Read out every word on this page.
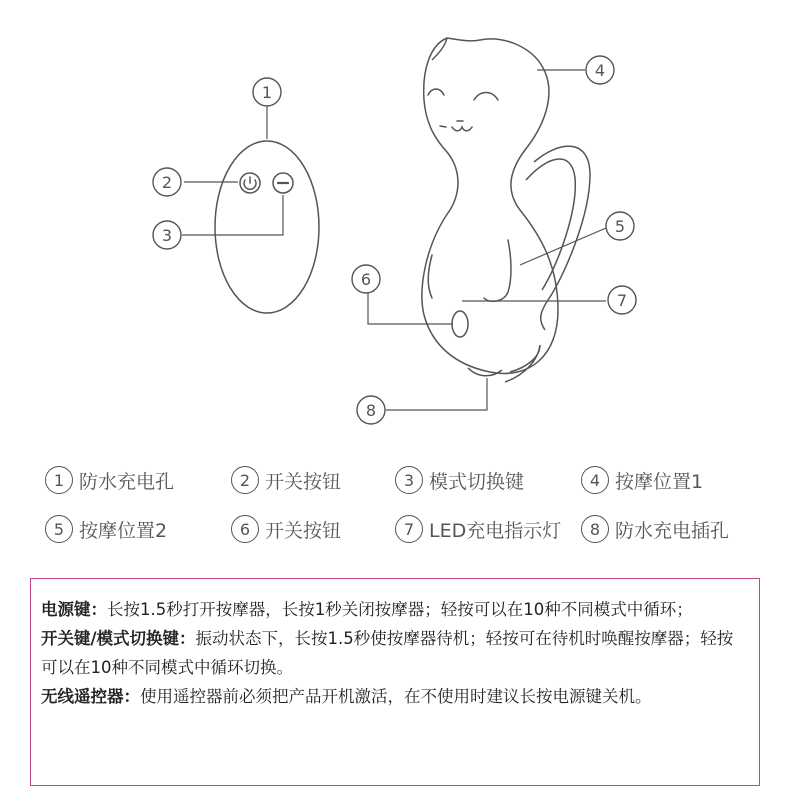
1
2
3
4
5
6
7
8
1 防水充电孔	2 开关按钮	3 模式切换键	4 按摩位置1
5 按摩位置2	6 开关按钮	7 LED充电指示灯	8 防水充电插孔

电源键：长按1.5秒打开按摩器，长按1秒关闭按摩器；轻按可以在10种不同模式中循环；

开关键/模式切换键：振动状态下，长按1.5秒使按摩器待机；轻按可在待机时唤醒按摩器；轻按可以在10种不同模式中循环切换。

无线遥控器：使用遥控器前必须把产品开机激活，在不使用时建议长按电源键关机。
